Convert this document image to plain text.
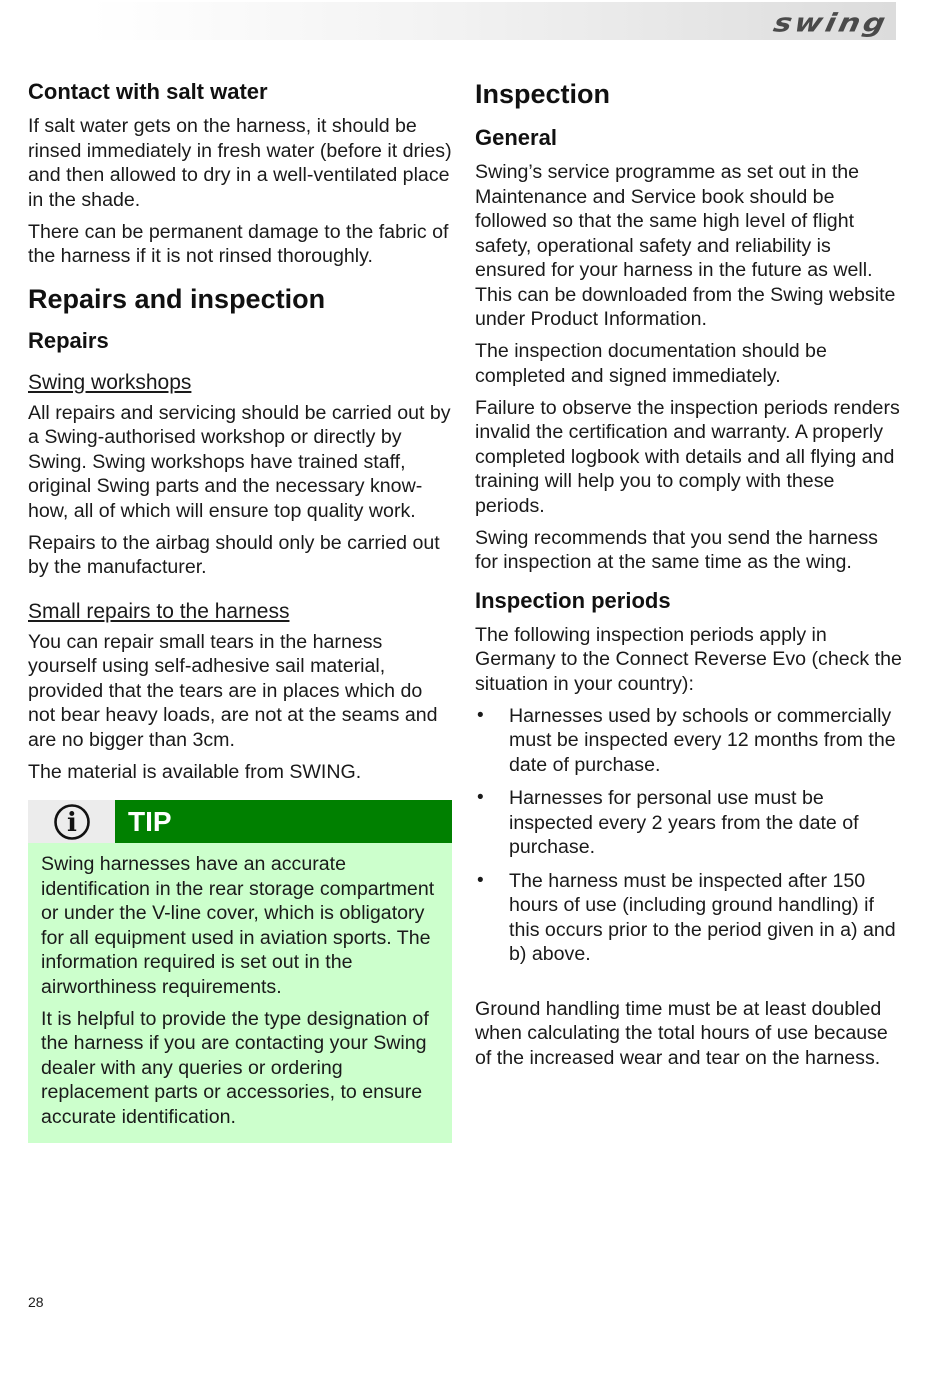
swing
Contact with salt water

If salt water gets on the harness, it should be rinsed immediately in fresh water (before it dries) and then allowed to dry in a well-ventilated place in the shade.

There can be permanent damage to the fabric of the harness if it is not rinsed thoroughly.

Repairs and inspection
Repairs
Swing workshops

All repairs and servicing should be carried out by a Swing-authorised workshop or directly by Swing. Swing workshops have trained staff, original Swing parts and the necessary know-how, all of which will ensure top quality work.

Repairs to the airbag should only be carried out by the manufacturer.

Small repairs to the harness

You can repair small tears in the harness yourself using self-adhesive sail material, provided that the tears are in places which do not bear heavy loads, are not at the seams and are no bigger than 3cm.

The material is available from SWING.

i	TIP

Swing harnesses have an accurate identification in the rear storage compartment or under the V-line cover, which is obligatory for all equipment used in aviation sports. The information required is set out in the airworthiness requirements.

It is helpful to provide the type designation of the harness if you are contacting your Swing dealer with any queries or ordering replacement parts or accessories, to ensure accurate identification.

Inspection
General

Swing’s service programme as set out in the Maintenance and Service book should be followed so that the same high level of flight safety, operational safety and reliability is ensured for your harness in the future as well. This can be downloaded from the Swing website under Product Information.

The inspection documentation should be completed and signed immediately.

Failure to observe the inspection periods renders invalid the certification and warranty. A properly completed logbook with details and all flying and training will help you to comply with these periods.

Swing recommends that you send the harness for inspection at the same time as the wing.

Inspection periods

The following inspection periods apply in Germany to the Connect Reverse Evo (check the situation in your country):

• Harnesses used by schools or commercially must be inspected every 12 months from the date of purchase.
• Harnesses for personal use must be inspected every 2 years from the date of purchase.
• The harness must be inspected after 150 hours of use (including ground handling) if this occurs prior to the period given in a) and b) above.

Ground handling time must be at least doubled when calculating the total hours of use because of the increased wear and tear on the harness.

28
